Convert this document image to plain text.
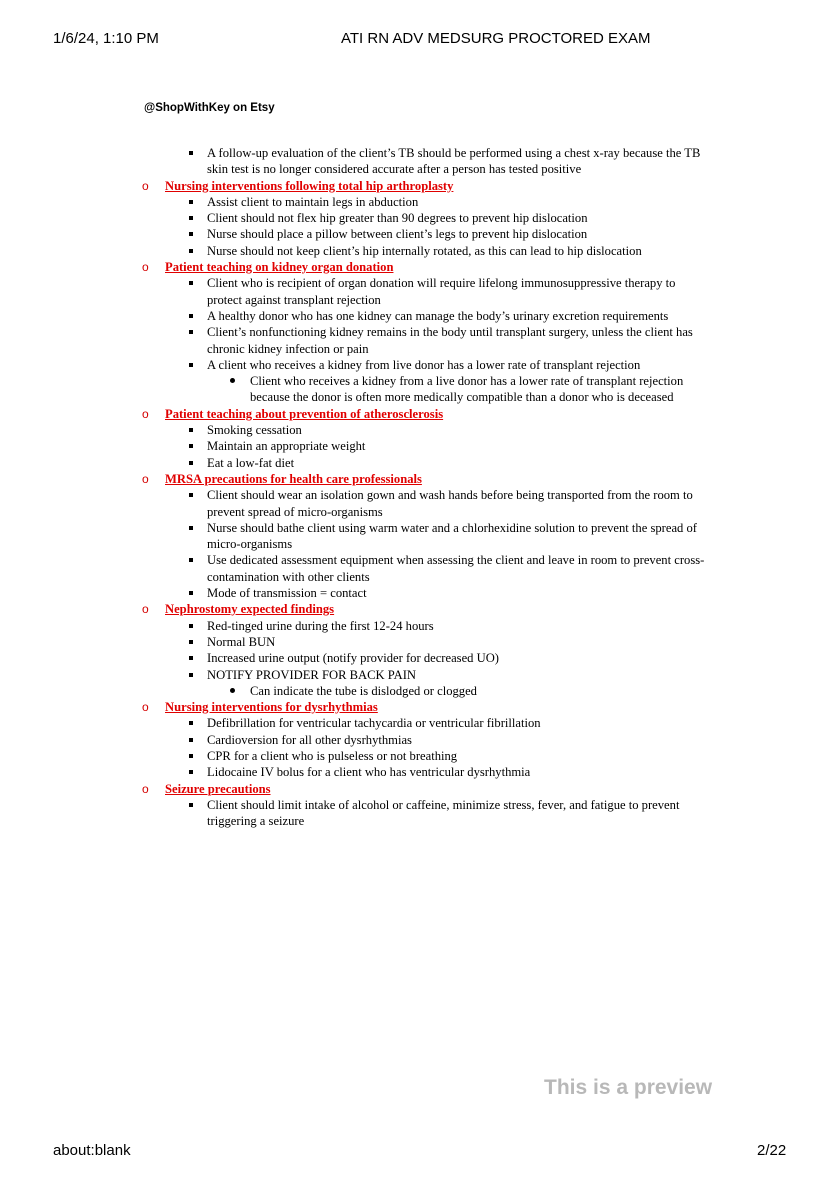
1/6/24, 1:10 PM	ATI RN ADV MEDSURG PROCTORED EXAM
@ShopWithKey on Etsy
A follow-up evaluation of the client’s TB should be performed using a chest x-ray because the TB skin test is no longer considered accurate after a person has tested positive
o Nursing interventions following total hip arthroplasty
Assist client to maintain legs in abduction
Client should not flex hip greater than 90 degrees to prevent hip dislocation
Nurse should place a pillow between client’s legs to prevent hip dislocation
Nurse should not keep client’s hip internally rotated, as this can lead to hip dislocation
o Patient teaching on kidney organ donation
Client who is recipient of organ donation will require lifelong immunosuppressive therapy to protect against transplant rejection
A healthy donor who has one kidney can manage the body’s urinary excretion requirements
Client’s nonfunctioning kidney remains in the body until transplant surgery, unless the client has chronic kidney infection or pain
A client who receives a kidney from live donor has a lower rate of transplant rejection
Client who receives a kidney from a live donor has a lower rate of transplant rejection because the donor is often more medically compatible than a donor who is deceased
o Patient teaching about prevention of atherosclerosis
Smoking cessation
Maintain an appropriate weight
Eat a low-fat diet
o MRSA precautions for health care professionals
Client should wear an isolation gown and wash hands before being transported from the room to prevent spread of micro-organisms
Nurse should bathe client using warm water and a chlorhexidine solution to prevent the spread of micro-organisms
Use dedicated assessment equipment when assessing the client and leave in room to prevent cross-contamination with other clients
Mode of transmission = contact
o Nephrostomy expected findings
Red-tinged urine during the first 12-24 hours
Normal BUN
Increased urine output (notify provider for decreased UO)
NOTIFY PROVIDER FOR BACK PAIN
Can indicate the tube is dislodged or clogged
o Nursing interventions for dysrhythmias
Defibrillation for ventricular tachycardia or ventricular fibrillation
Cardioversion for all other dysrhythmias
CPR for a client who is pulseless or not breathing
Lidocaine IV bolus for a client who has ventricular dysrhythmia
o Seizure precautions
Client should limit intake of alcohol or caffeine, minimize stress, fever, and fatigue to prevent triggering a seizure
This is a preview
about:blank	2/22
